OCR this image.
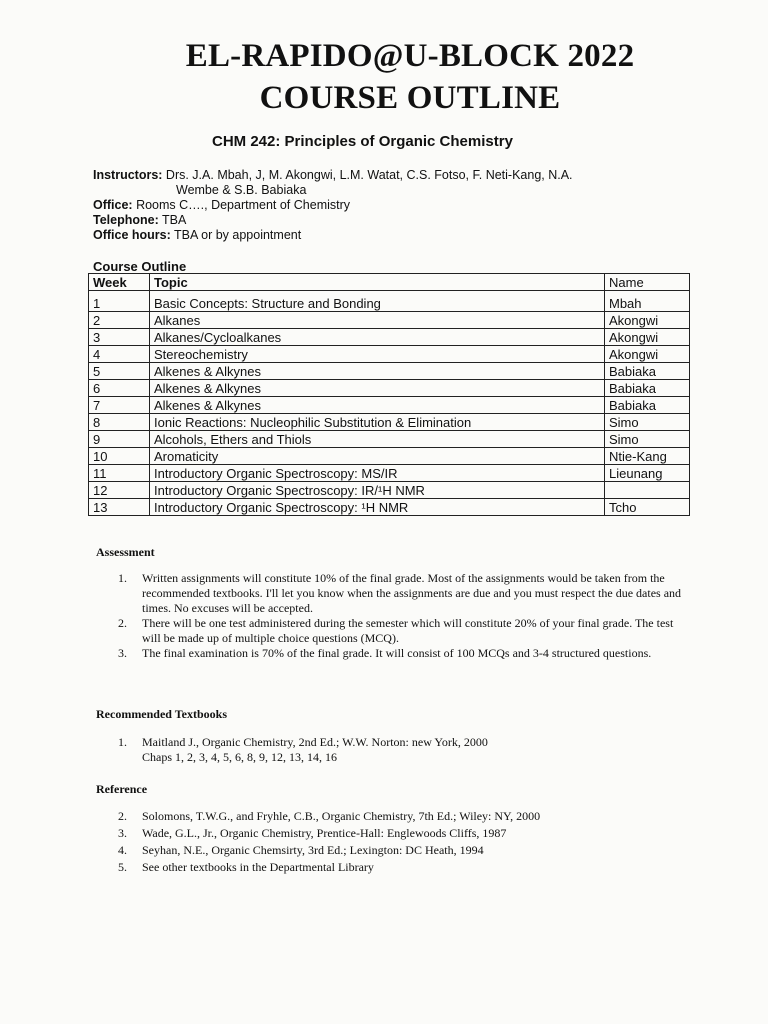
EL-RAPIDO@U-BLOCK 2022
COURSE OUTLINE
CHM 242: Principles of Organic Chemistry
Instructors: Drs. J.A. Mbah, J, M. Akongwi, L.M. Watat, C.S. Fotso, F. Neti-Kang, N.A.
Wembe & S.B. Babiaka
Office: Rooms C…., Department of Chemistry
Telephone: TBA
Office hours: TBA or by appointment
Course Outline
Week	Topic	Name
1	Basic Concepts: Structure and Bonding	Mbah
2	Alkanes	Akongwi
3	Alkanes/Cycloalkanes	Akongwi
4	Stereochemistry	Akongwi
5	Alkenes & Alkynes	Babiaka
6	Alkenes & Alkynes	Babiaka
7	Alkenes & Alkynes	Babiaka
8	Ionic Reactions: Nucleophilic Substitution & Elimination	Simo
9	Alcohols, Ethers and Thiols	Simo
10	Aromaticity	Ntie-Kang
11	Introductory Organic Spectroscopy: MS/IR	Lieunang
12	Introductory Organic Spectroscopy: IR/¹H NMR	
13	Introductory Organic Spectroscopy: ¹H NMR	Tcho
Assessment
1. Written assignments will constitute 10% of the final grade. Most of the assignments would be taken from the recommended textbooks. I'll let you know when the assignments are due and you must respect the due dates and times. No excuses will be accepted.
2. There will be one test administered during the semester which will constitute 20% of your final grade. The test will be made up of multiple choice questions (MCQ).
3. The final examination is 70% of the final grade. It will consist of 100 MCQs and 3-4 structured questions.
Recommended Textbooks
1. Maitland J., Organic Chemistry, 2nd Ed.; W.W. Norton: new York, 2000
Chaps 1, 2, 3, 4, 5, 6, 8, 9, 12, 13, 14, 16
Reference
2. Solomons, T.W.G., and Fryhle, C.B., Organic Chemistry, 7th Ed.; Wiley: NY, 2000
3. Wade, G.L., Jr., Organic Chemistry, Prentice-Hall: Englewoods Cliffs, 1987
4. Seyhan, N.E., Organic Chemsirty, 3rd Ed.; Lexington: DC Heath, 1994
5. See other textbooks in the Departmental Library
